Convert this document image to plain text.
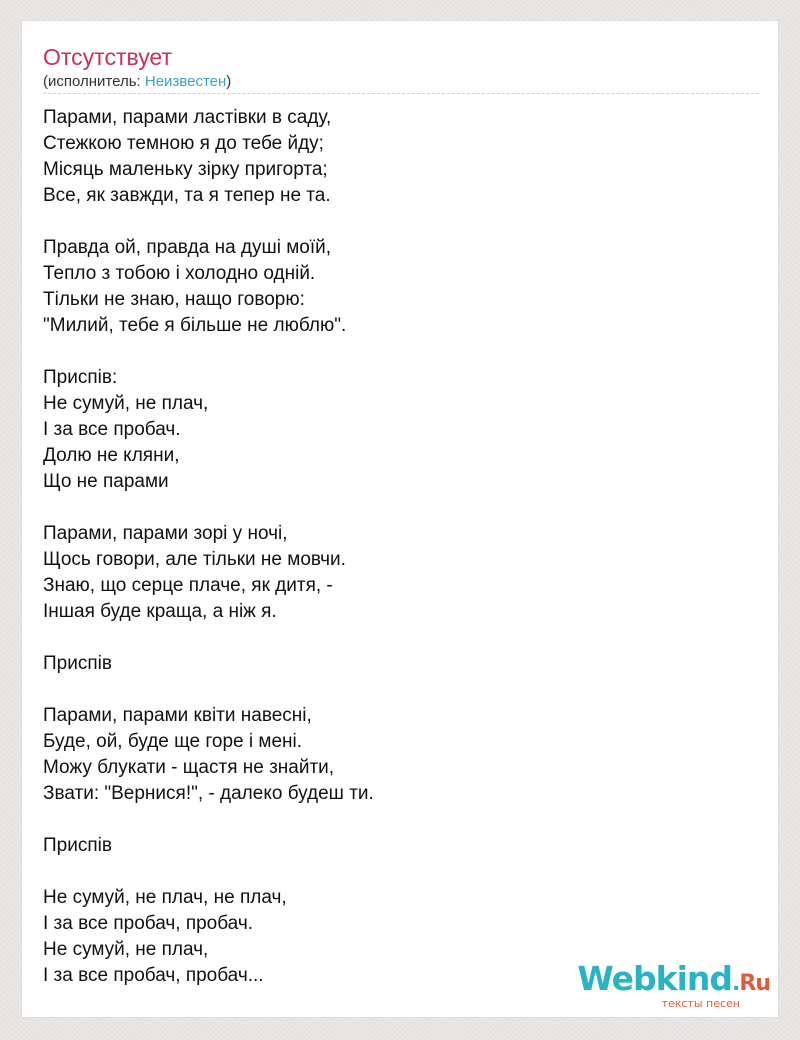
Отсутствует
(исполнитель: Неизвестен)
Парами, парами ластівки в саду,
Стежкою темною я до тебе йду;
Місяць маленьку зірку пригорта;
Все, як завжди, та я тепер не та.
Правда ой, правда на душі моїй,
Тепло з тобою і холодно одній.
Тільки не знаю, нащо говорю:
"Милий, тебе я більше не люблю".
Приспів:
Не сумуй, не плач,
І за все пробач.
Долю не кляни,
Що не парами
Парами, парами зорі у ночі,
Щось говори, але тільки не мовчи.
Знаю, що серце плаче, як дитя, -
Іншая буде краща, а ніж я.
Приспів
Парами, парами квіти навесні,
Буде, ой, буде ще горе і мені.
Можу блукати - щастя не знайти,
Звати: "Вернися!", - далеко будеш ти.
Приспів
Не сумуй, не плач, не плач,
І за все пробач, пробач.
Не сумуй, не плач,
І за все пробач, пробач...	Webkind.Ru
тексты песен
